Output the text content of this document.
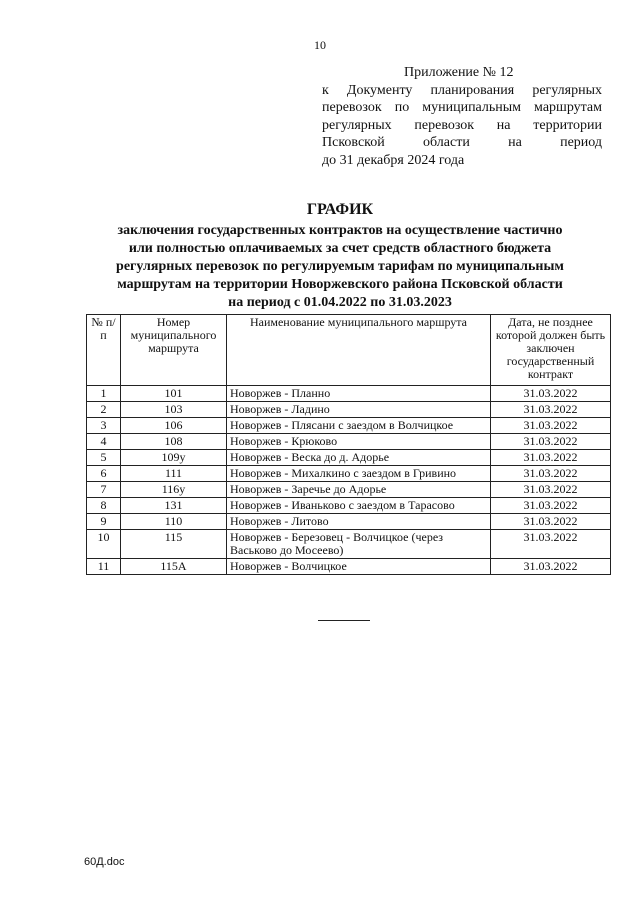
10
Приложение № 12
к Документу планирования регулярных
перевозок по муниципальным маршрутам
регулярных перевозок на территории
Псковской области на период
до 31 декабря 2024 года
ГРАФИК
заключения государственных контрактов на осуществление частично
или полностью оплачиваемых за счет средств областного бюджета
регулярных перевозок по регулируемым тарифам по муниципальным
маршрутам на территории Новоржевского района Псковской области
на период с 01.04.2022 по 31.03.2023
№ п/п	Номер муниципального маршрута	Наименование муниципального маршрута	Дата, не позднее которой должен быть заключен государственный контракт
1	101	Новоржев - Планно	31.03.2022
2	103	Новоржев - Ладино	31.03.2022
3	106	Новоржев - Плясани с заездом в Волчицкое	31.03.2022
4	108	Новоржев - Крюково	31.03.2022
5	109у	Новоржев - Веска до д. Адорье	31.03.2022
6	111	Новоржев - Михалкино с заездом в Гривино	31.03.2022
7	116у	Новоржев - Заречье до Адорье	31.03.2022
8	131	Новоржев - Иваньково с заездом в Тарасово	31.03.2022
9	110	Новоржев - Литово	31.03.2022
10	115	Новоржев - Березовец - Волчицкое (через Васьково до Мосеево)	31.03.2022
11	115А	Новоржев - Волчицкое	31.03.2022
60Д.doc
